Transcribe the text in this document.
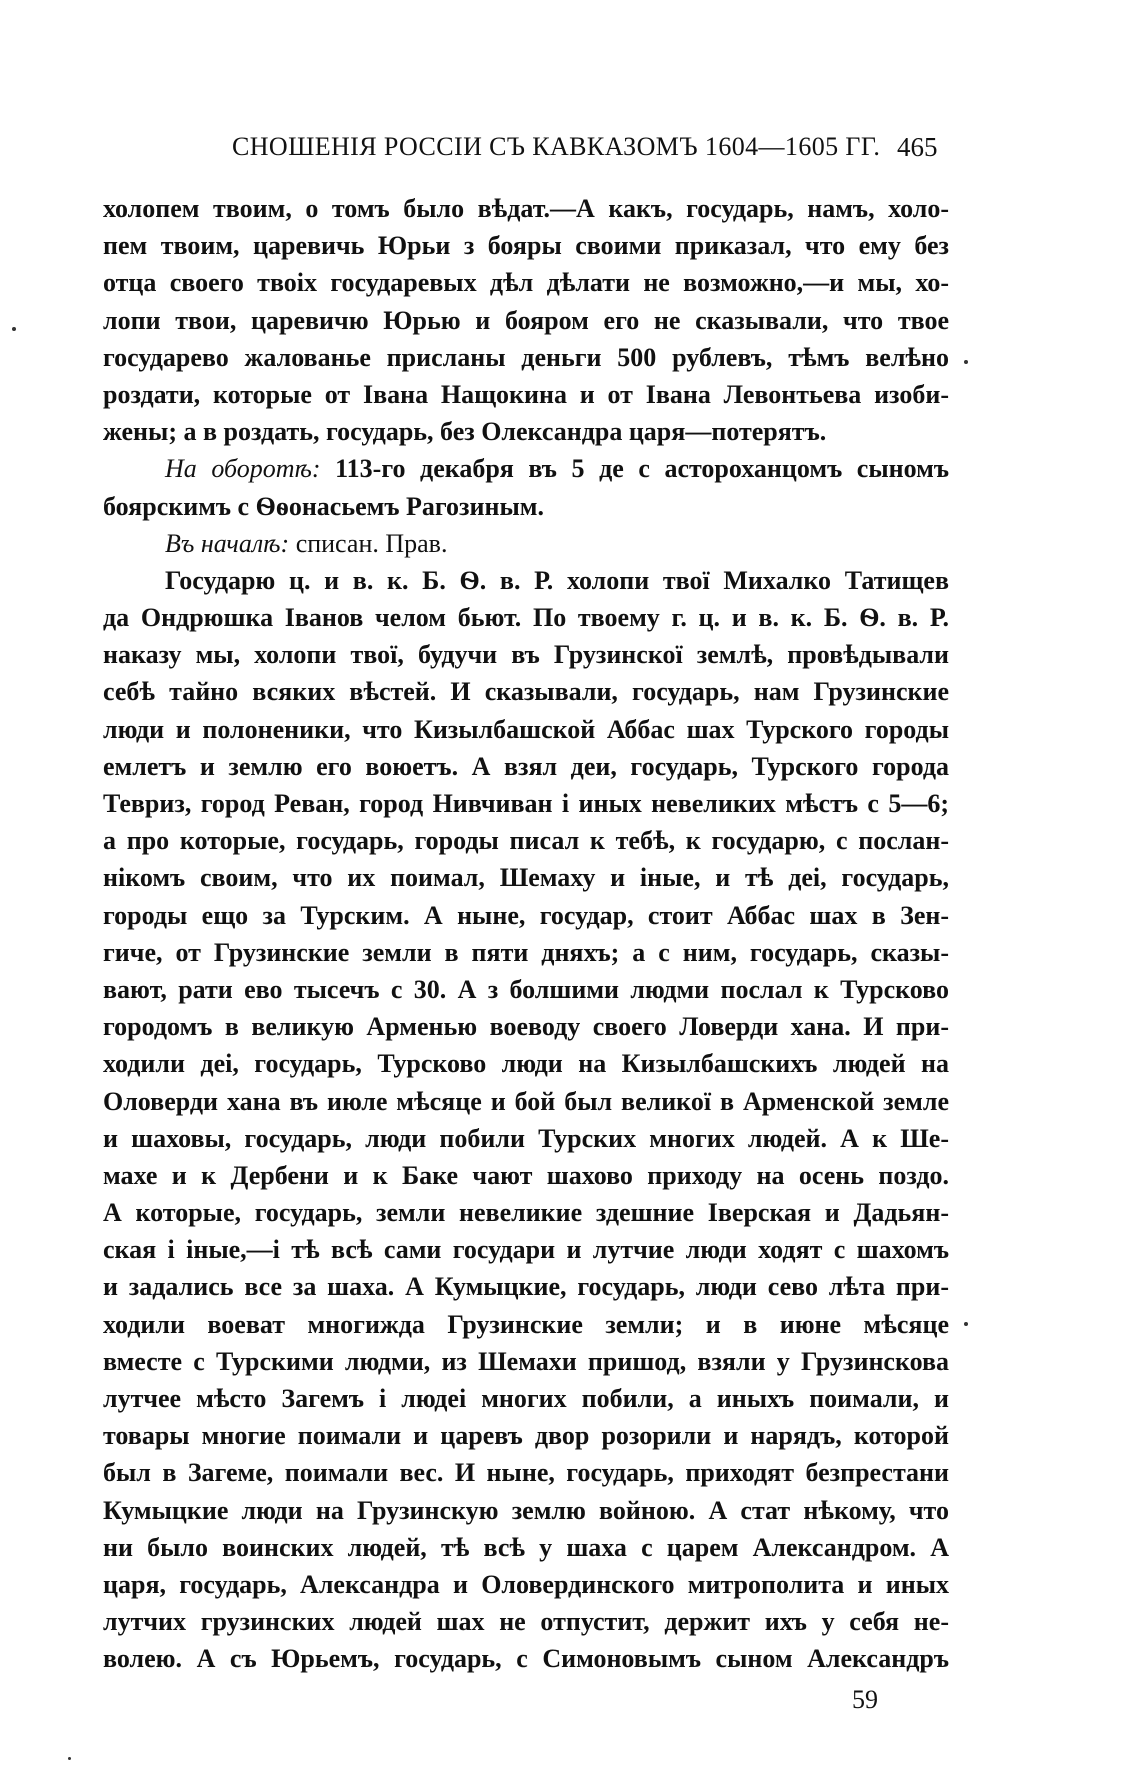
СНОШЕНІЯ РОССІИ СЪ КАВКАЗОМЪ 1604—1605 ГГ. 465
холопем твоим, о томъ было вѣдат.—А какъ, государь, намъ, холо-
пем твоим, царевичь Юрьи з бояры своими приказал, что ему без
отца своего твоіх государевых дѣл дѣлати не возможно,—и мы, хо-
лопи твои, царевичю Юрью и бояром его не сказывали, что твое
государево жалованье присланы деньги 500 рублевъ, тѣмъ велѣно
роздати, которые от Івана Нащокина и от Івана Левонтьева изоби-
жены; а в роздать, государь, без Олександра царя—потерятъ.
На оборотѣ: 113-го декабря въ 5 де с астороханцомъ сыномъ
боярскимъ с Ѳѳонасьемъ Рагозиным.
Въ началѣ: списан. Прав.
Государю ц. и в. к. Б. Ѳ. в. Р. холопи твої Михалко Татищев
да Ондрюшка Іванов челом бьют. По твоему г. ц. и в. к. Б. Ѳ. в. Р.
наказу мы, холопи твої, будучи въ Грузинскої землѣ, провѣдывали
себѣ тайно всяких вѣстей. И сказывали, государь, нам Грузинские
люди и полоненики, что Кизылбашской Аббас шах Турского городы
емлетъ и землю его воюетъ. А взял деи, государь, Турского города
Тевриз, город Реван, город Нивчиван і иных невеликих мѣстъ с 5—6;
а про которые, государь, городы писал к тебѣ, к государю, с послан-
нікомъ своим, что их поимал, Шемаху и іные, и тѣ деі, государь,
городы ещо за Турским. А ныне, государ, стоит Аббас шах в Зен-
гиче, от Грузинские земли в пяти дняхъ; а с ним, государь, сказы-
вают, рати ево тысечъ с 30. А з болшими людми послал к Турсково
городомъ в великую Арменью воеводу своего Ловерди хана. И при-
ходили деі, государь, Турсково люди на Кизылбашскихъ людей на
Оловерди хана въ июле мѣсяце и бой был великої в Арменской земле
и шаховы, государь, люди побили Турских многих людей. А к Ше-
махе и к Дербени и к Баке чают шахово приходу на осень поздо.
А которые, государь, земли невеликие здешние Іверская и Дадьян-
ская і іные,—і тѣ всѣ сами государи и лутчие люди ходят с шахомъ
и задались все за шаха. А Кумыцкие, государь, люди сево лѣта при-
ходили воеват многижда Грузинские земли; и в июне мѣсяце
вместе с Турскими людми, из Шемахи пришод, взяли у Грузинскова
лутчее мѣсто Загемъ і людеі многих побили, а иныхъ поимали, и
товары многие поимали и царевъ двор розорили и нарядъ, которой
был в Загеме, поимали вес. И ныне, государь, приходят безпрестани
Кумыцкие люди на Грузинскую землю войною. А стат нѣкому, что
ни было воинских людей, тѣ всѣ у шаха с царем Александром. А
царя, государь, Александра и Оловердинского митрополита и иных
лутчих грузинских людей шах не отпустит, держит ихъ у себя не-
волею. А съ Юрьемъ, государь, с Симоновымъ сыном Александръ
59
